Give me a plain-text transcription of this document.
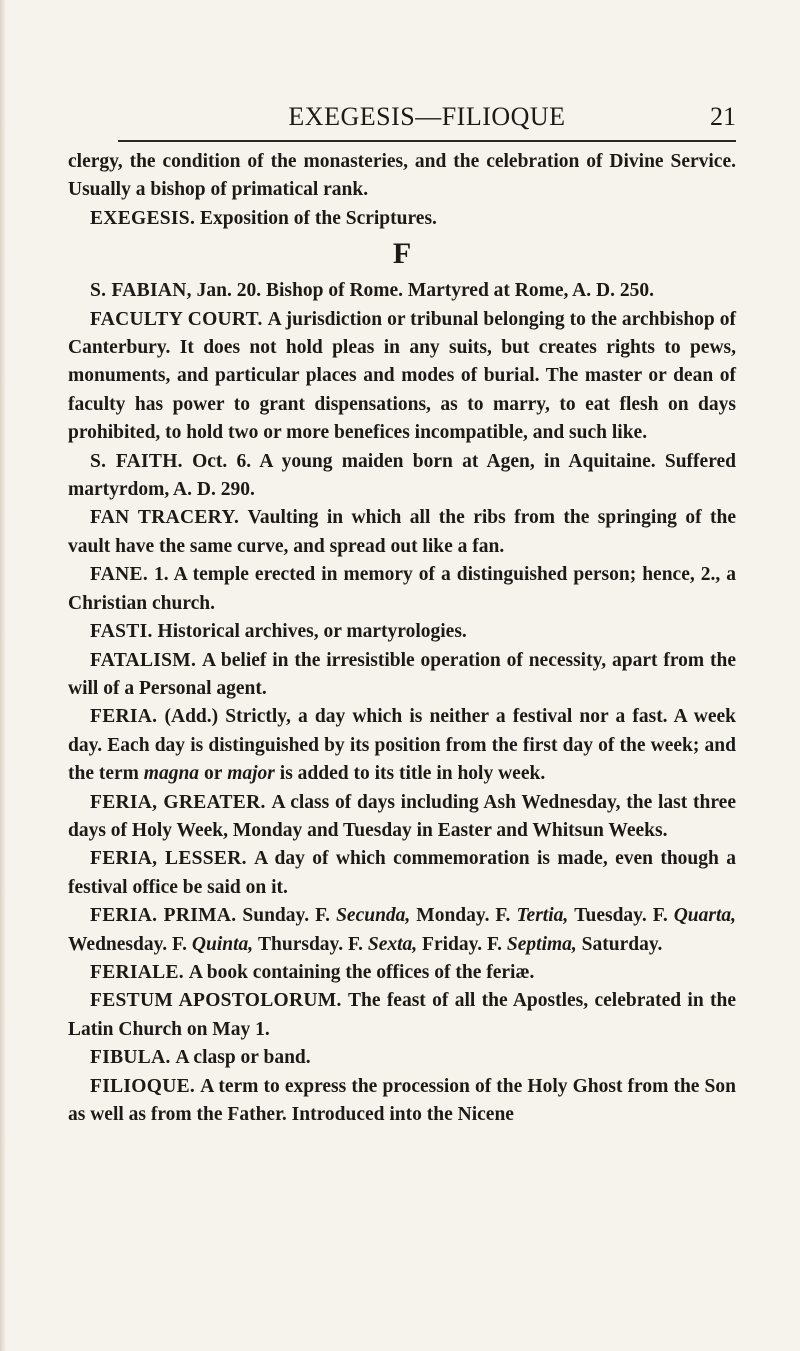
EXEGESIS—FILIOQUE	21

clergy, the condition of the monasteries, and the celebration of Divine Service. Usually a bishop of primatical rank.

EXEGESIS. Exposition of the Scriptures.

F

S. FABIAN, Jan. 20. Bishop of Rome. Martyred at Rome, A. D. 250.

FACULTY COURT. A jurisdiction or tribunal belonging to the archbishop of Canterbury. It does not hold pleas in any suits, but creates rights to pews, monuments, and particular places and modes of burial. The master or dean of faculty has power to grant dispensations, as to marry, to eat flesh on days prohibited, to hold two or more benefices incompatible, and such like.

S. FAITH. Oct. 6. A young maiden born at Agen, in Aquitaine. Suffered martyrdom, A. D. 290.

FAN TRACERY. Vaulting in which all the ribs from the springing of the vault have the same curve, and spread out like a fan.

FANE. 1. A temple erected in memory of a distinguished person; hence, 2., a Christian church.

FASTI. Historical archives, or martyrologies.

FATALISM. A belief in the irresistible operation of necessity, apart from the will of a Personal agent.

FERIA. (Add.) Strictly, a day which is neither a festival nor a fast. A week day. Each day is distinguished by its position from the first day of the week; and the term magna or major is added to its title in holy week.

FERIA, GREATER. A class of days including Ash Wednesday, the last three days of Holy Week, Monday and Tuesday in Easter and Whitsun Weeks.

FERIA, LESSER. A day of which commemoration is made, even though a festival office be said on it.

FERIA. PRIMA. Sunday. F. Secunda, Monday. F. Tertia, Tuesday. F. Quarta, Wednesday. F. Quinta, Thursday. F. Sexta, Friday. F. Septima, Saturday.

FERIALE. A book containing the offices of the feriæ.

FESTUM APOSTOLORUM. The feast of all the Apostles, celebrated in the Latin Church on May 1.

FIBULA. A clasp or band.

FILIOQUE. A term to express the procession of the Holy Ghost from the Son as well as from the Father. Introduced into the Nicene
